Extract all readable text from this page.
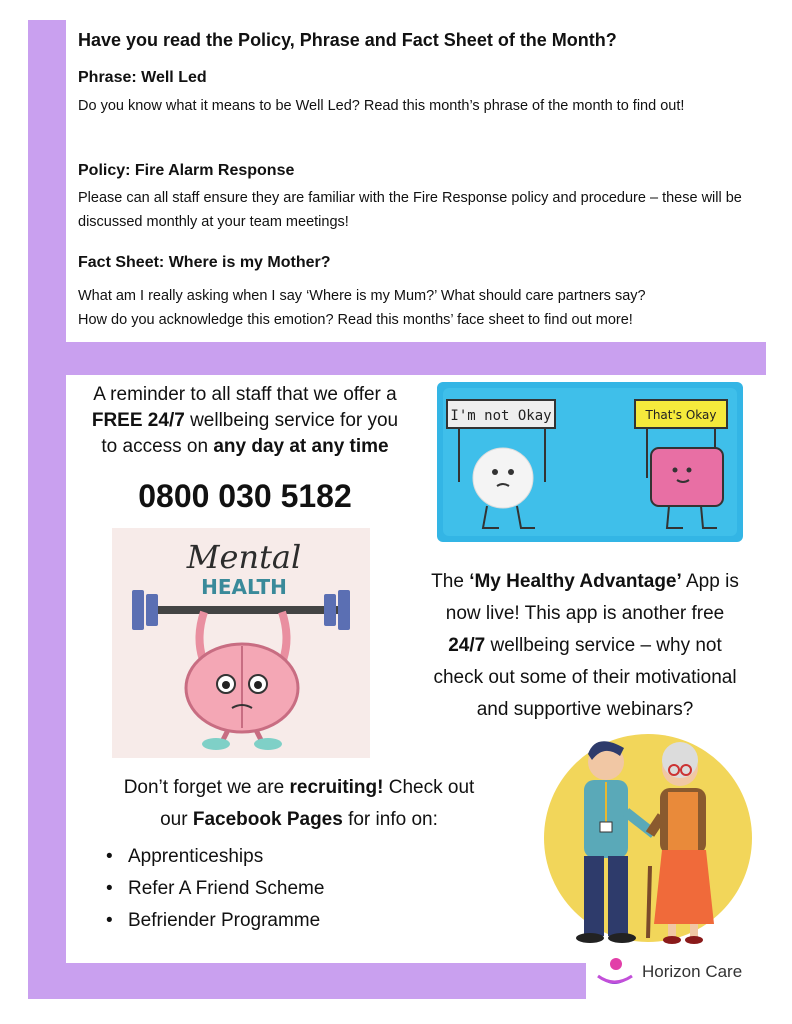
Have you read the Policy, Phrase and Fact Sheet of the Month?
Phrase: Well Led
Do you know what it means to be Well Led? Read this month’s phrase of the month to find out!
Policy: Fire Alarm Response
Please can all staff ensure they are familiar with the Fire Response policy and procedure – these will be discussed monthly at your team meetings!
Fact Sheet: Where is my Mother?
What am I really asking when I say ‘Where is my Mum?’ What should care partners say?
How do you acknowledge this emotion? Read this months’ face sheet to find out more!
A reminder to all staff that we offer a
FREE 24/7 wellbeing service for you
to access on any day at any time
0800 030 5182
I'm not Okay	That's Okay
Mental
HEALTH	The ‘My Healthy Advantage’ App is
now live! This app is another free
24/7 wellbeing service – why not
check out some of their motivational
and supportive webinars?
Don’t forget we are recruiting! Check out
our Facebook Pages for info on:
• Apprenticeships
• Refer A Friend Scheme
• Befriender Programme
Horizon Care
